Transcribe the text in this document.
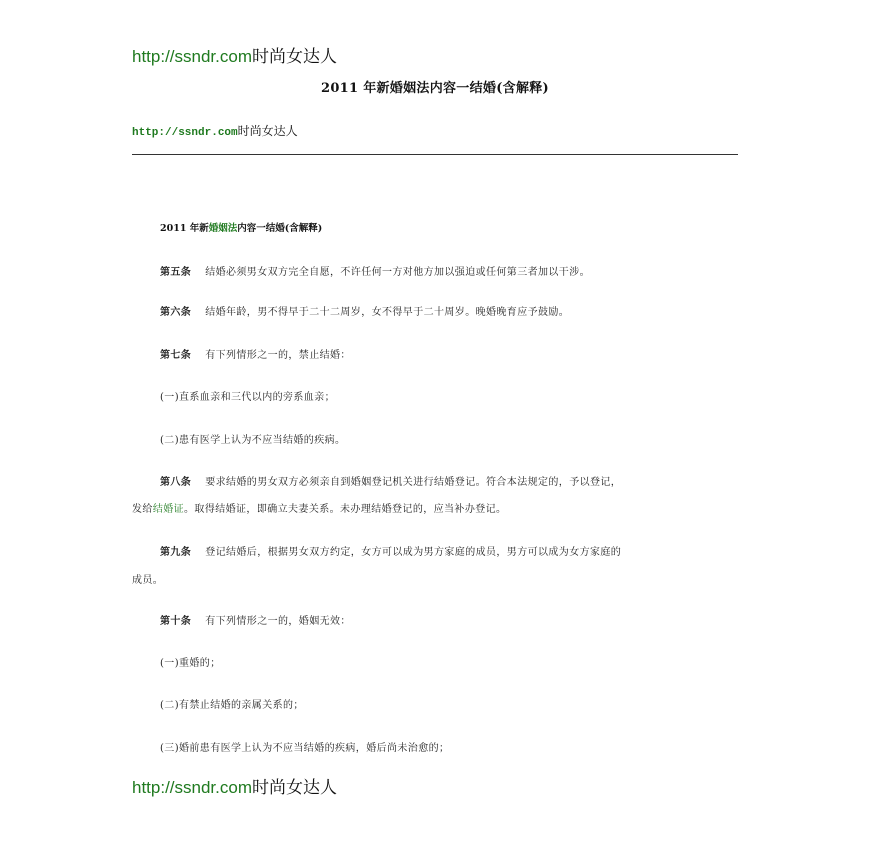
http://ssndr.com时尚女达人
2011 年新婚姻法内容一结婚(含解释)
http://ssndr.com时尚女达人
2011 年新婚姻法内容一结婚(含解释)
第五条 结婚必须男女双方完全自愿，不许任何一方对他方加以强迫或任何第三者加以干涉。
第六条 结婚年龄，男不得早于二十二周岁，女不得早于二十周岁。晚婚晚育应予鼓励。
第七条 有下列情形之一的，禁止结婚：
(一)直系血亲和三代以内的旁系血亲；
(二)患有医学上认为不应当结婚的疾病。
第八条 要求结婚的男女双方必须亲自到婚姻登记机关进行结婚登记。符合本法规定的，予以登记，
发给结婚证。取得结婚证，即确立夫妻关系。未办理结婚登记的，应当补办登记。
第九条 登记结婚后，根据男女双方约定，女方可以成为男方家庭的成员，男方可以成为女方家庭的
成员。
第十条 有下列情形之一的，婚姻无效：
(一)重婚的；
(二)有禁止结婚的亲属关系的；
(三)婚前患有医学上认为不应当结婚的疾病，婚后尚未治愈的；
http://ssndr.com时尚女达人
